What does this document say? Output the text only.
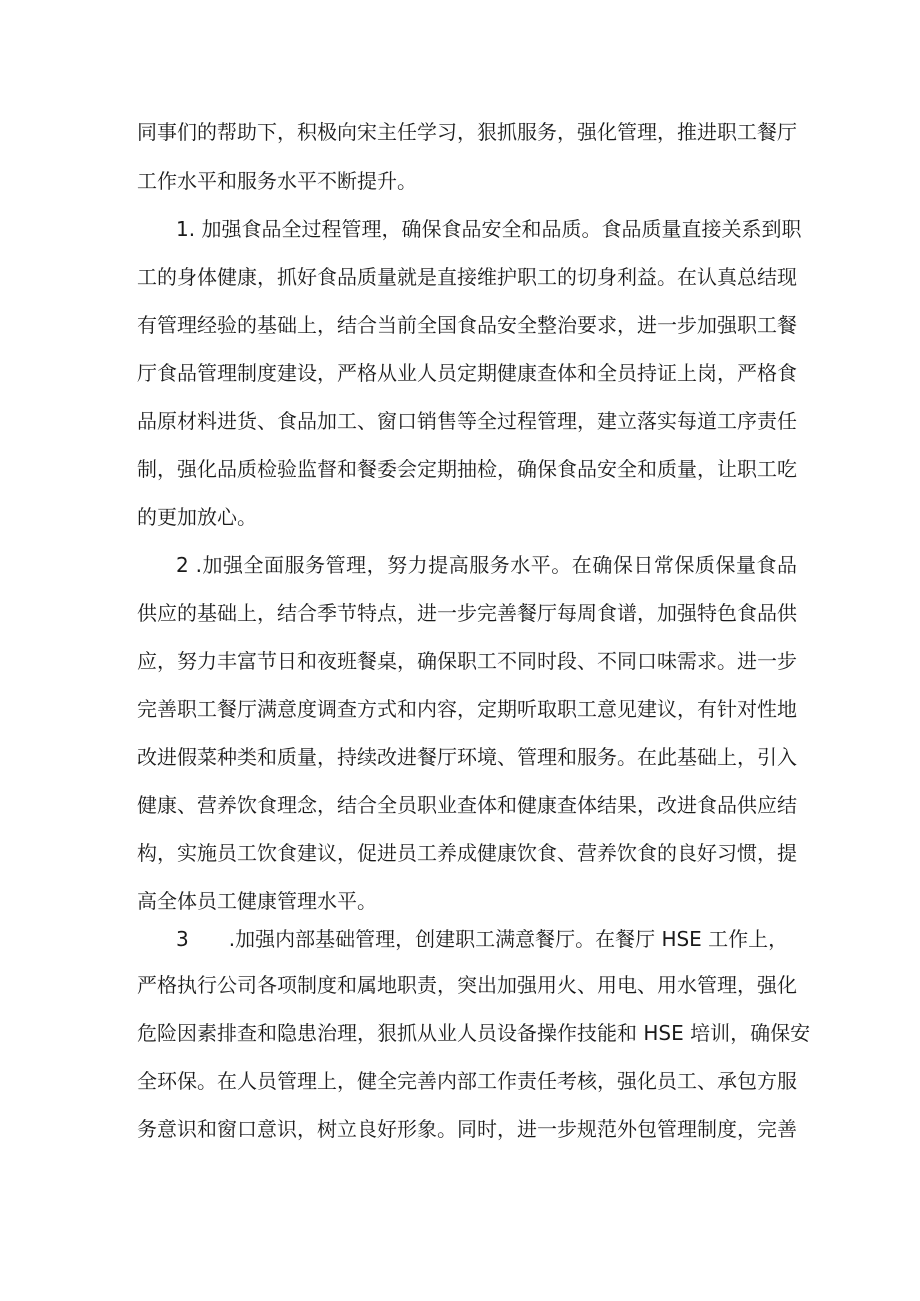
同事们的帮助下，积极向宋主任学习，狠抓服务，强化管理，推进职工餐厅
工作水平和服务水平不断提升。
1. 加强食品全过程管理，确保食品安全和品质。食品质量直接关系到职
工的身体健康，抓好食品质量就是直接维护职工的切身利益。在认真总结现
有管理经验的基础上，结合当前全国食品安全整治要求，进一步加强职工餐
厅食品管理制度建设，严格从业人员定期健康查体和全员持证上岗，严格食
品原材料进货、食品加工、窗口销售等全过程管理，建立落实每道工序责任
制，强化品质检验监督和餐委会定期抽检，确保食品安全和质量，让职工吃
的更加放心。
2 .加强全面服务管理，努力提高服务水平。在确保日常保质保量食品
供应的基础上，结合季节特点，进一步完善餐厅每周食谱，加强特色食品供
应，努力丰富节日和夜班餐桌，确保职工不同时段、不同口味需求。进一步
完善职工餐厅满意度调查方式和内容，定期听取职工意见建议，有针对性地
改进假菜种类和质量，持续改进餐厅环境、管理和服务。在此基础上，引入
健康、营养饮食理念，结合全员职业查体和健康查体结果，改进食品供应结
构，实施员工饮食建议，促进员工养成健康饮食、营养饮食的良好习惯，提
高全体员工健康管理水平。
3　　.加强内部基础管理，创建职工满意餐厅。在餐厅 HSE 工作上，
严格执行公司各项制度和属地职责，突出加强用火、用电、用水管理，强化
危险因素排查和隐患治理，狠抓从业人员设备操作技能和 HSE 培训，确保安
全环保。在人员管理上，健全完善内部工作责任考核，强化员工、承包方服
务意识和窗口意识，树立良好形象。同时，进一步规范外包管理制度，完善
